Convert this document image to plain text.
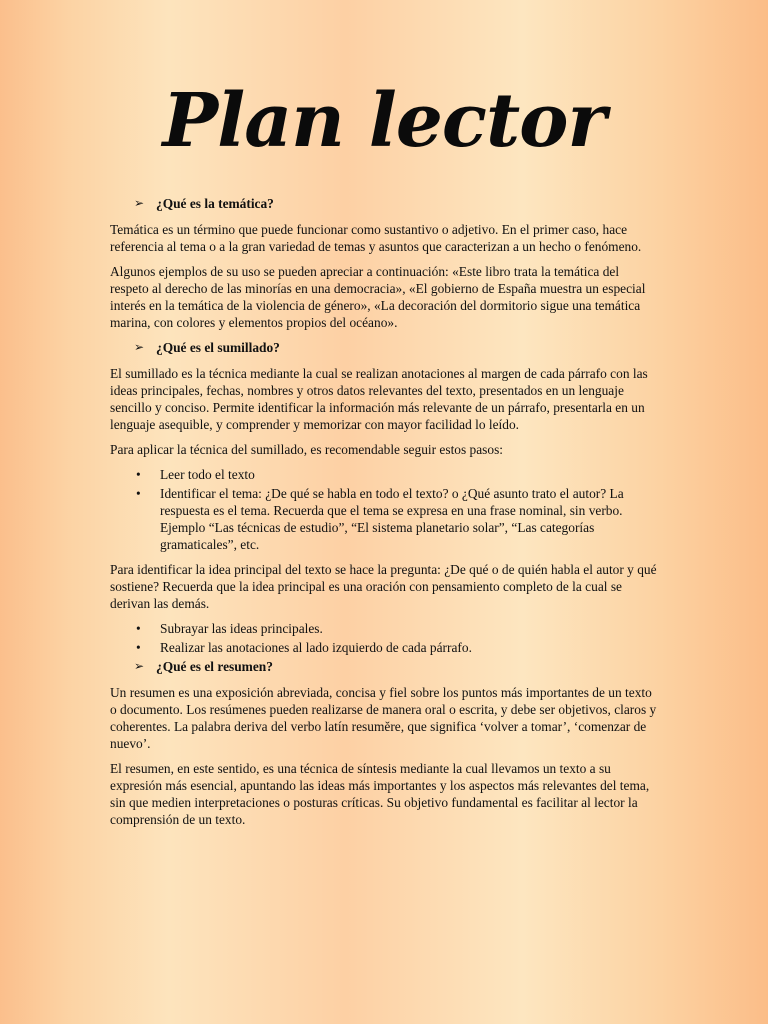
Plan lector
➢ ¿Qué es la temática?

Temática es un término que puede funcionar como sustantivo o adjetivo. En el primer caso, hace referencia al tema o a la gran variedad de temas y asuntos que caracterizan a un hecho o fenómeno.

Algunos ejemplos de su uso se pueden apreciar a continuación: «Este libro trata la temática del respeto al derecho de las minorías en una democracia», «El gobierno de España muestra un especial interés en la temática de la violencia de género», «La decoración del dormitorio sigue una temática marina, con colores y elementos propios del océano».

➢ ¿Qué es el sumillado?

El sumillado es la técnica mediante la cual se realizan anotaciones al margen de cada párrafo con las ideas principales, fechas, nombres y otros datos relevantes del texto, presentados en un lenguaje sencillo y conciso. Permite identificar la información más relevante de un párrafo, presentarla en un lenguaje asequible, y comprender y memorizar con mayor facilidad lo leído.

Para aplicar la técnica del sumillado, es recomendable seguir estos pasos:

• Leer todo el texto
• Identificar el tema: ¿De qué se habla en todo el texto? o ¿Qué asunto trato el autor? La respuesta es el tema. Recuerda que el tema se expresa en una frase nominal, sin verbo. Ejemplo “Las técnicas de estudio”, “El sistema planetario solar”, “Las categorías gramaticales”, etc.

Para identificar la idea principal del texto se hace la pregunta: ¿De qué o de quién habla el autor y qué sostiene? Recuerda que la idea principal es una oración con pensamiento completo de la cual se derivan las demás.

• Subrayar las ideas principales.
• Realizar las anotaciones al lado izquierdo de cada párrafo.
➢ ¿Qué es el resumen?

Un resumen es una exposición abreviada, concisa y fiel sobre los puntos más importantes de un texto o documento. Los resúmenes pueden realizarse de manera oral o escrita, y debe ser objetivos, claros y coherentes. La palabra deriva del verbo latín resumĕre, que significa ‘volver a tomar’, ‘comenzar de nuevo’.

El resumen, en este sentido, es una técnica de síntesis mediante la cual llevamos un texto a su expresión más esencial, apuntando las ideas más importantes y los aspectos más relevantes del tema, sin que medien interpretaciones o posturas críticas. Su objetivo fundamental es facilitar al lector la comprensión de un texto.
